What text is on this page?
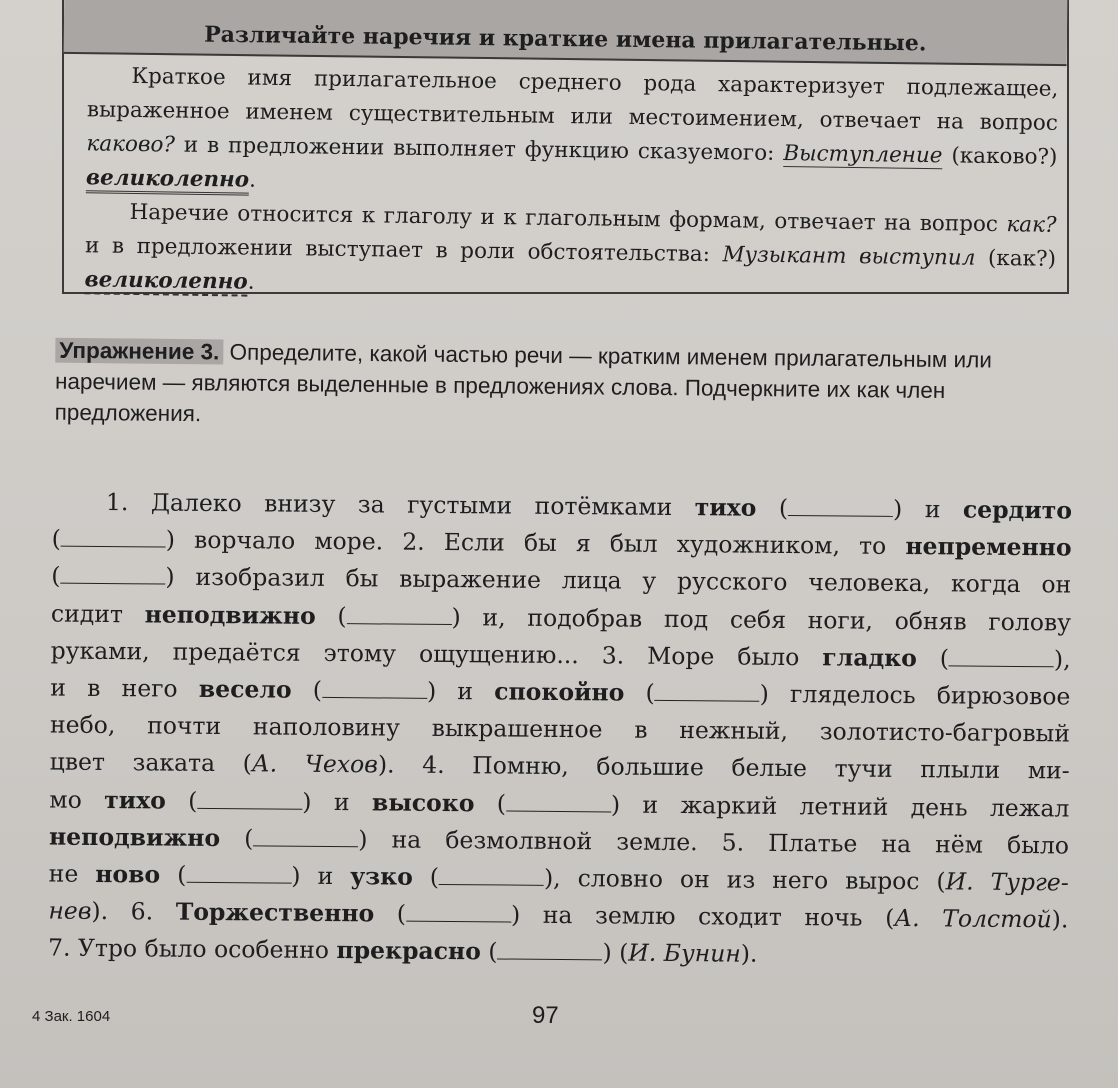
Различайте наречия и краткие имена прилагательные.

Краткое имя прилагательное среднего рода характеризует подлежащее, выраженное именем существительным или местоимением, отвечает на вопрос каково? и в предложении выполняет функцию сказуемого: Выступление (каково?) великолепно.

Наречие относится к глаголу и к глагольным формам, отвечает на вопрос как? и в предложении выступает в роли обстоятельства: Музыкант выступил (как?) великолепно.

Упражнение 3. Определите, какой частью речи — кратким именем прилагательным или наречием — являются выделенные в предложениях слова. Подчеркните их как член предложения.
1. Далеко внизу за густыми потёмками тихо (	) и сердито
(	) ворчало море. 2. Если бы я был художником, то непременно
(	) изобразил бы выражение лица у русского человека, когда он
сидит неподвижно (	) и, подобрав под себя ноги, обняв голову
руками, предаётся этому ощущению... 3. Море было гладко (	),
и в него весело (	) и спокойно (	) гляделось бирюзовое
небо, почти наполовину выкрашенное в нежный, золотисто-багровый
цвет заката (А. Чехов). 4. Помню, большие белые тучи плыли ми-
мо тихо (	) и высоко (	) и жаркий летний день лежал
неподвижно (	) на безмолвной земле. 5. Платье на нём было
не ново (	) и узко (	), словно он из него вырос (И. Турге-
нев). 6. Торжественно (	) на землю сходит ночь (А. Толстой).
7. Утро было особенно прекрасно (	) (И. Бунин).
4 Зак. 1604	97
